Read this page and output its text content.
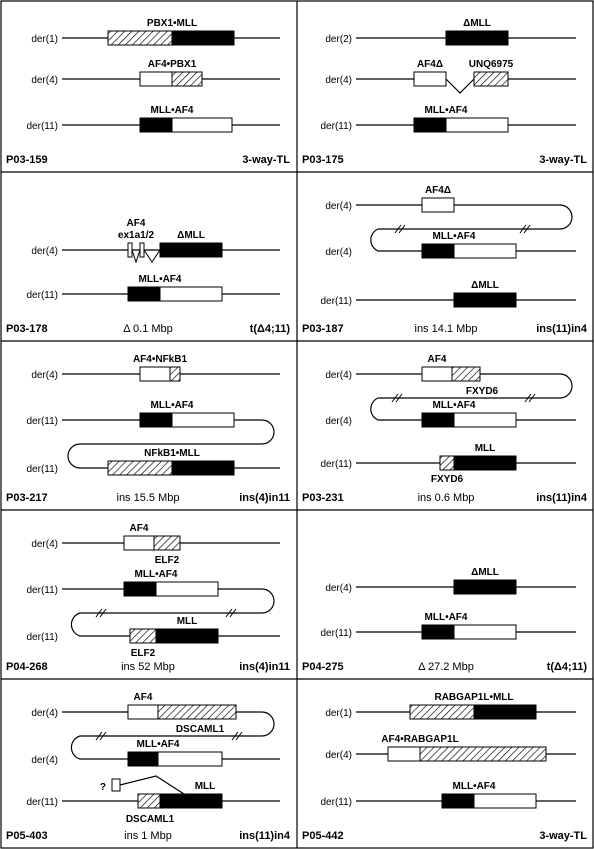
der(1)
PBX1•MLL
der(4)
AF4•PBX1
der(11)
MLL•AF4
P03-159	3-way-TL
der(2)
ΔMLL
der(4)
AF4Δ	UNQ6975
der(11)
MLL•AF4
P03-175	3-way-TL
der(4)
ΔMLL
AF4
ex1a1/2
der(11)
MLL•AF4
P03-178	Δ 0.1 Mbp	t(Δ4;11)
der(4)
AF4Δ
der(4)
MLL•AF4
der(11)
ΔMLL
P03-187	ins 14.1 Mbp	ins(11)in4
der(4)
AF4•NFkB1
der(11)
MLL•AF4
der(11)
NFkB1•MLL
P03-217	ins 15.5 Mbp	ins(4)in11
der(4)
AF4
FXYD6
der(4)
MLL•AF4
der(11)
MLL
FXYD6
P03-231	ins 0.6 Mbp	ins(11)in4
der(4)
AF4
ELF2
der(11)
MLL•AF4
der(11)
MLL
ELF2
P04-268	ins 52 Mbp	ins(4)in11
der(4)
ΔMLL
der(11)
MLL•AF4
P04-275	Δ 27.2 Mbp	t(Δ4;11)
der(4)
AF4
DSCAML1
der(4)
MLL•AF4
der(11)
MLL
DSCAML1
?
P05-403	ins 1 Mbp	ins(11)in4
der(1)
RABGAP1L•MLL
der(4)
AF4•RABGAP1L
der(11)
MLL•AF4
P05-442	3-way-TL
